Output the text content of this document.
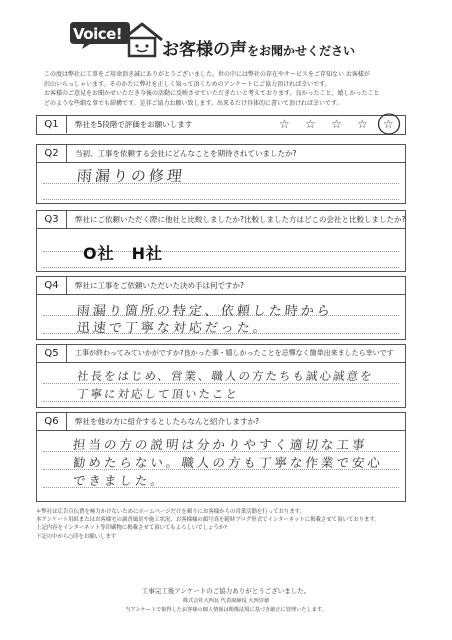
Voice!
お客様の声をお聞かせください

この度は弊社に工事をご用命頂き誠にありがとうございました。世の中には弊社の存在やサービスをご存知ない お客様が

沢山いらっしゃいます。そのかたに弊社を正しく知って頂くためのアンケートにご協力頂ければ幸いです。

お客様のご意見をお聞かせいただき今後の活動に反映させていただきたいと考えております。良かったこと、嬉しかったこと

どのような些細な事でも結構です。是非ご協力お願い致します。出来るだけ具体的に書いて頂ければ幸いです。

Q1	弊社を5段階で評価をお願いします	☆ ☆ ☆ ☆ ☆
Q2	当初、工事を依頼する会社にどんなことを期待されていましたか?
雨漏りの修理
Q3	弊社にご依頼いただく際に他社と比較しましたか?比較しました方はどこの会社と比較しましたか?
O社　H社
Q4	弊社に工事をご依頼いただいた決め手は何ですか?
雨漏り箇所の特定、依頼した時から
迅速で丁寧な対応だった。
Q5	工事が終わってみていかがですか?良かった事・嬉しかったことを忌憚なく箇単出来ましたら幸いです
社長をはじめ、営業、職人の方たちも誠心誠意を
丁寧に対応して頂いたこと
Q6	弊社を他の方に紹介するとしたらなんと紹介しますか?
担当の方の説明は分かりやすく適切な工事
勧めたらない。職人の方も丁寧な作業で安心
できました。

＊弊社は広告宣伝費を極力かけないためにホームページだけを頼りにお客様からの営業活動を行っております。

本アンケート用紙またはお客様宅の調査風景や施工状況、お客様様の顔写真を随時ブログ形式でインターネットに掲載させて頂いております。

上記内容をインターネット等印刷物に掲載させて頂いてもよろしいでしょうか?

下記の中から○印をお願いします

工事完工後アンケートのご協力ありがとうございました。

株式会社大西瓦 代表取締役 大西崇徳

当アンケートで取得したお客様の個人情報は関係法規に基づき厳正に管理いたします。
